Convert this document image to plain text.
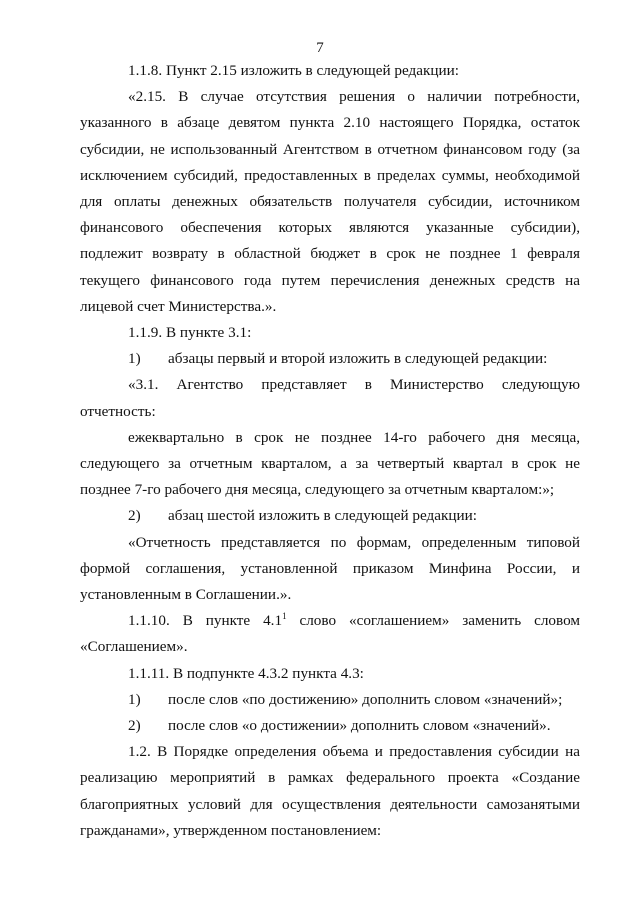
7

1.1.8. Пункт 2.15 изложить в следующей редакции:

«2.15. В случае отсутствия решения о наличии потребности, указанного в абзаце девятом пункта 2.10 настоящего Порядка, остаток субсидии, не использованный Агентством в отчетном финансовом году (за исключением субсидий, предоставленных в пределах суммы, необходимой для оплаты денежных обязательств получателя субсидии, источником финансового обеспечения которых являются указанные субсидии), подлежит возврату в областной бюджет в срок не позднее 1 февраля текущего финансового года путем перечисления денежных средств на лицевой счет Министерства.».

1.1.9. В пункте 3.1:

1) абзацы первый и второй изложить в следующей редакции:

«3.1. Агентство представляет в Министерство следующую отчетность:

ежеквартально в срок не позднее 14-го рабочего дня месяца, следующего за отчетным кварталом, а за четвертый квартал в срок не позднее 7-го рабочего дня месяца, следующего за отчетным кварталом:»;

2) абзац шестой изложить в следующей редакции:

«Отчетность представляется по формам, определенным типовой формой соглашения, установленной приказом Минфина России, и установленным в Соглашении.».

1.1.10. В пункте $4.1^1$ слово «соглашением» заменить словом «Соглашением».

1.1.11. В подпункте 4.3.2 пункта 4.3:

1) после слов «по достижению» дополнить словом «значений»;

2) после слов «о достижении» дополнить словом «значений».

1.2. В Порядке определения объема и предоставления субсидии на реализацию мероприятий в рамках федерального проекта «Создание благоприятных условий для осуществления деятельности самозанятыми гражданами», утвержденном постановлением:
